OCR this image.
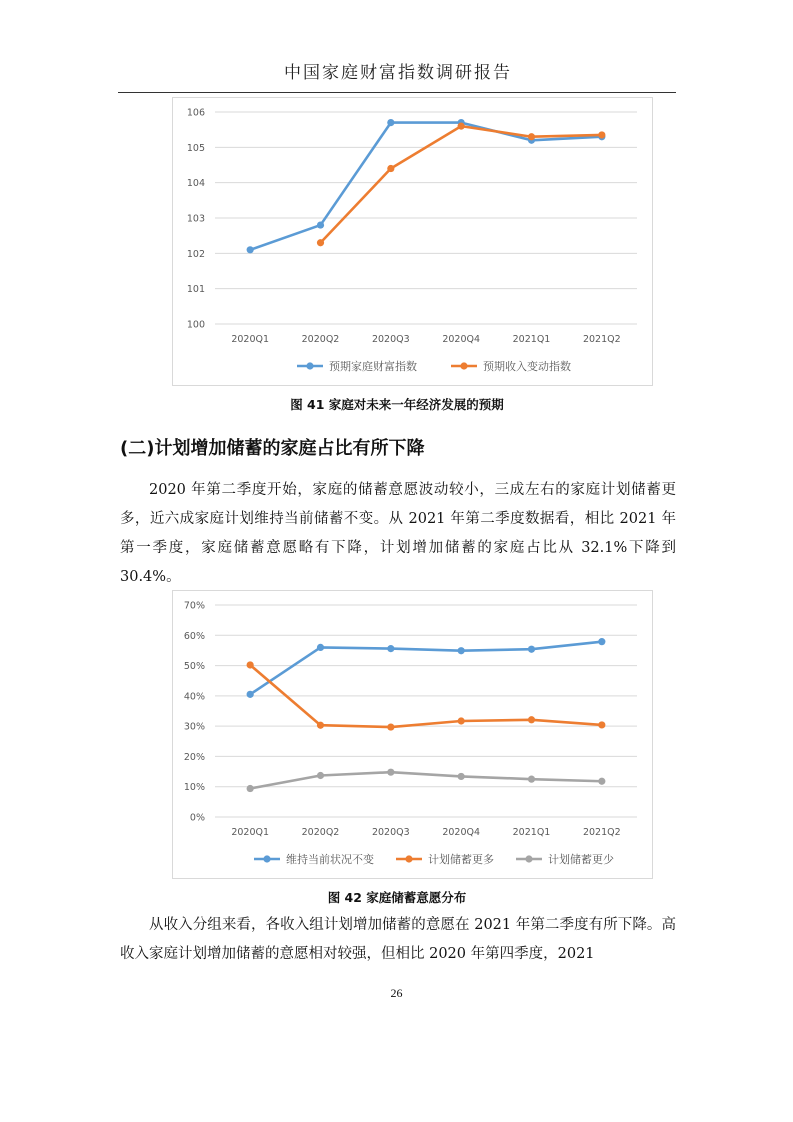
中国家庭财富指数调研报告
100
101
102
103
104
105
106
2020Q1	2020Q2	2020Q3	2020Q4	2021Q1	2021Q2
预期家庭财富指数	预期收入变动指数
图 41 家庭对未来一年经济发展的预期
(二)计划增加储蓄的家庭占比有所下降
2020 年第二季度开始，家庭的储蓄意愿波动较小，三成左右的家庭计划储蓄更多，近六成家庭计划维持当前储蓄不变。从 2021 年第二季度数据看，相比 2021 年第一季度，家庭储蓄意愿略有下降，计划增加储蓄的家庭占比从 32.1%下降到 30.4%。
0%
10%
20%
30%
40%
50%
60%
70%
2020Q1	2020Q2	2020Q3	2020Q4	2021Q1	2021Q2
维持当前状况不变	计划储蓄更多	计划储蓄更少
图 42 家庭储蓄意愿分布
从收入分组来看，各收入组计划增加储蓄的意愿在 2021 年第二季度有所下降。高收入家庭计划增加储蓄的意愿相对较强，但相比 2020 年第四季度，2021
26
